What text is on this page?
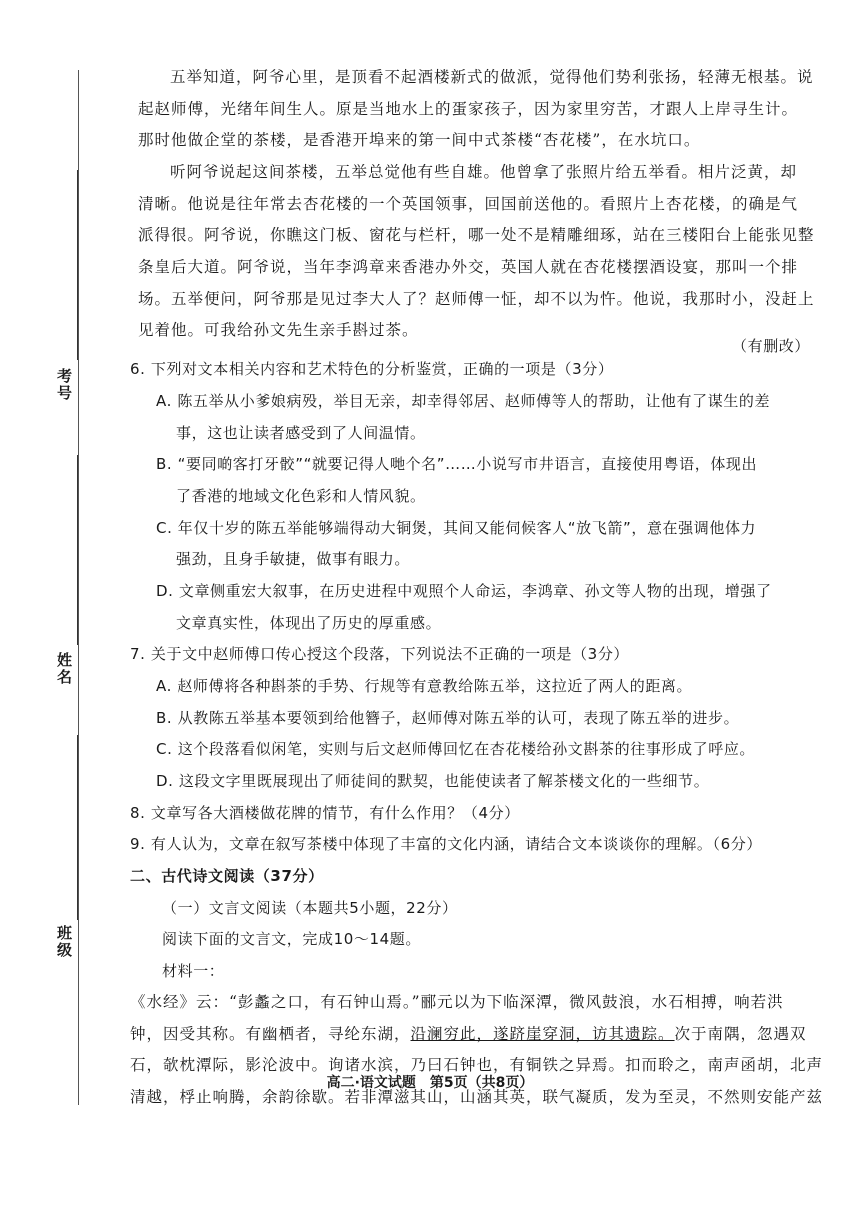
考号
姓名
班级
五举知道，阿爷心里，是顶看不起酒楼新式的做派，觉得他们势利张扬，轻薄无根基。说
起赵师傅，光绪年间生人。原是当地水上的蛋家孩子，因为家里穷苦，才跟人上岸寻生计。
那时他做企堂的茶楼，是香港开埠来的第一间中式茶楼“杏花楼”，在水坑口。
听阿爷说起这间茶楼，五举总觉他有些自雄。他曾拿了张照片给五举看。相片泛黄，却
清晰。他说是往年常去杏花楼的一个英国领事，回国前送他的。看照片上杏花楼，的确是气
派得很。阿爷说，你瞧这门板、窗花与栏杆，哪一处不是精雕细琢，站在三楼阳台上能张见整
条皇后大道。阿爷说，当年李鸿章来香港办外交，英国人就在杏花楼摆酒设宴，那叫一个排
场。五举便问，阿爷那是见过李大人了？赵师傅一怔，却不以为忤。他说，我那时小，没赶上
见着他。可我给孙文先生亲手斟过茶。
（有删改）
6. 下列对文本相关内容和艺术特色的分析鉴赏，正确的一项是（3分）
A. 陈五举从小爹娘病殁，举目无亲，却幸得邻居、赵师傅等人的帮助，让他有了谋生的差
事，这也让读者感受到了人间温情。
B. “要同啲客打牙骹”“就要记得人哋个名”……小说写市井语言，直接使用粤语，体现出
了香港的地域文化色彩和人情风貌。
C. 年仅十岁的陈五举能够端得动大铜煲，其间又能伺候客人“放飞箭”，意在强调他体力
强劲，且身手敏捷，做事有眼力。
D. 文章侧重宏大叙事，在历史进程中观照个人命运，李鸿章、孙文等人物的出现，增强了
文章真实性，体现出了历史的厚重感。
7. 关于文中赵师傅口传心授这个段落，下列说法不正确的一项是（3分）
A. 赵师傅将各种斟茶的手势、行规等有意教给陈五举，这拉近了两人的距离。
B. 从教陈五举基本要领到给他簪子，赵师傅对陈五举的认可，表现了陈五举的进步。
C. 这个段落看似闲笔，实则与后文赵师傅回忆在杏花楼给孙文斟茶的往事形成了呼应。
D. 这段文字里既展现出了师徒间的默契，也能使读者了解茶楼文化的一些细节。
8. 文章写各大酒楼做花牌的情节，有什么作用？（4分）
9. 有人认为，文章在叙写茶楼中体现了丰富的文化内涵，请结合文本谈谈你的理解。（6分）
二、古代诗文阅读（37分）
（一）文言文阅读（本题共5小题，22分）
阅读下面的文言文，完成10～14题。
材料一：
《水经》云：“彭蠡之口，有石钟山焉。”郦元以为下临深潭，微风鼓浪，水石相搏，响若洪
钟，因受其称。有幽栖者，寻纶东湖，沿澜穷此，遂跻崖穿洞，访其遗踪。次于南隅，忽遇双
石，欹枕潭际，影沦波中。询诸水滨，乃曰石钟也，有铜铁之异焉。扣而聆之，南声函胡，北声
清越，桴止响腾，余韵徐歇。若非潭滋其山，山涵其英，联气凝质，发为至灵，不然则安能产兹
高二·语文试题　第5页（共8页）
